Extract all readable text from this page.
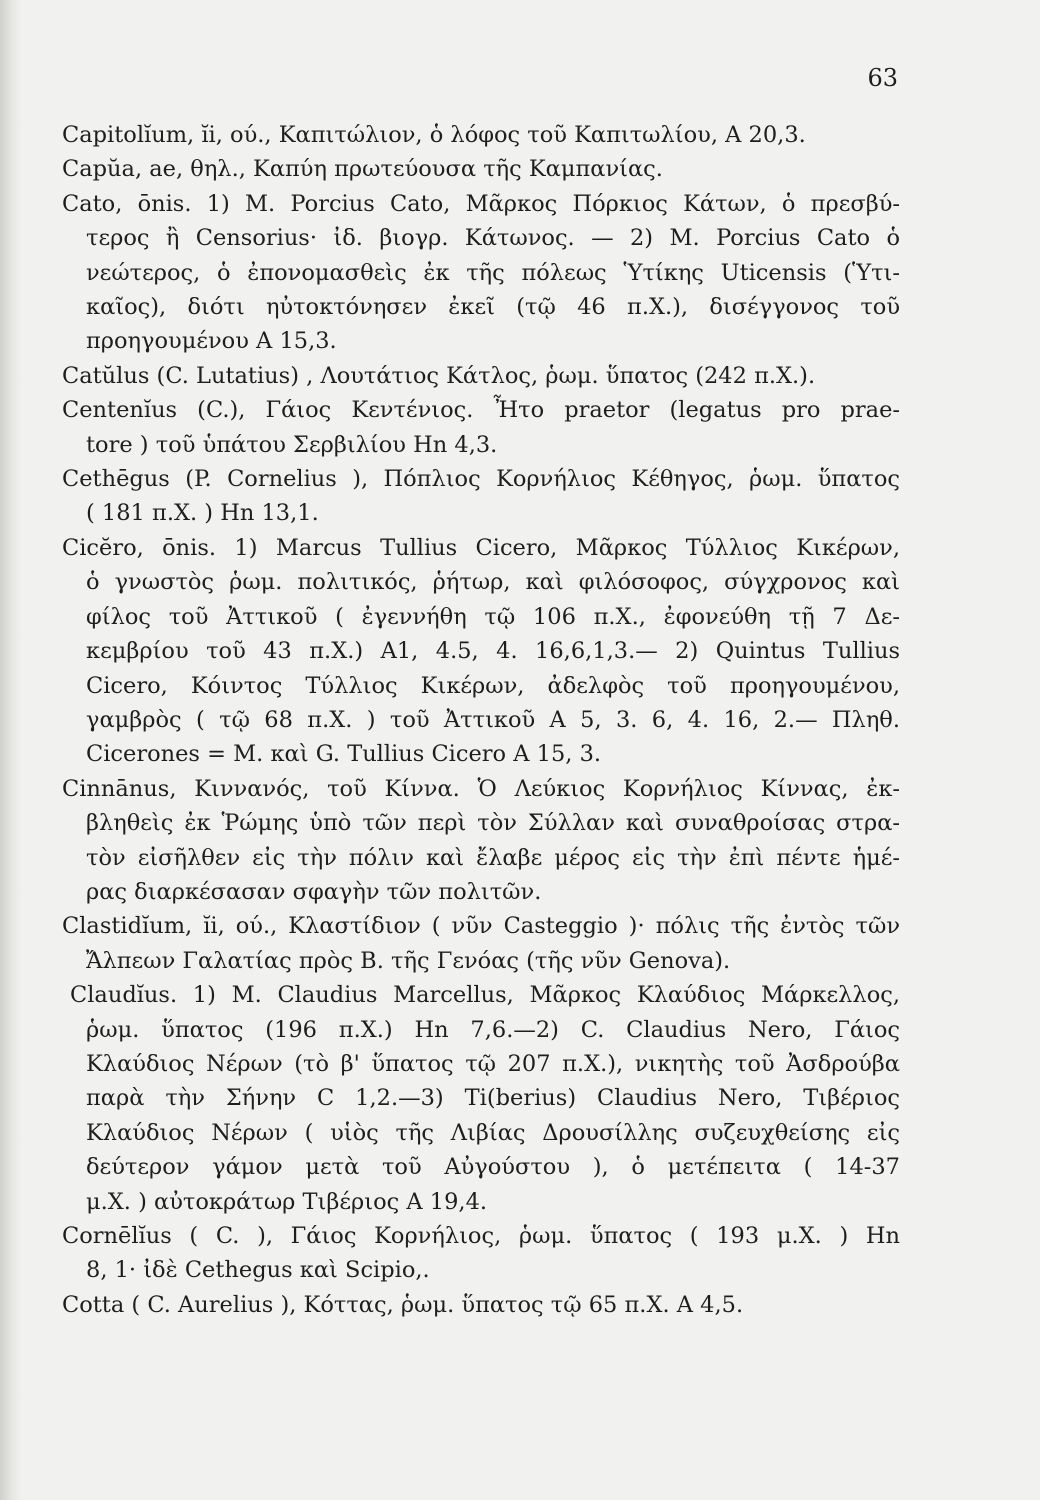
63
Capitolĭum, ĭi, ού., Καπιτώλιον, ὁ λόφος τοῦ Καπιτωλίου, Α 20,3.
Capŭa, ae, θηλ., Καπύη πρωτεύουσα τῆς Καμπανίας.
Cato, ōnis. 1) M. Porcius Cato, Μᾶρκος Πόρκιος Κάτων, ὁ πρεσβύ-
τερος ἢ Censorius· ἰδ. βιογρ. Κάτωνος. — 2) M. Porcius Cato ὁ
νεώτερος, ὁ ἐπονομασθεὶς ἐκ τῆς πόλεως Ὑτίκης Uticensis (Ὑτι-
καῖος), διότι ηὐτοκτόνησεν ἐκεῖ (τῷ 46 π.Χ.), δισέγγονος τοῦ
προηγουμένου Α 15,3.
Catŭlus (C. Lutatius) , Λουτάτιος Κάτλος, ῥωμ. ὕπατος (242 π.Χ.).
Centenĭus (C.), Γάιος Κεντένιος. Ἦτο praetor (legatus pro prae-
tore ) τοῦ ὑπάτου Σερβιλίου Ηn 4,3.
Cethēgus (P. Cornelius ), Πόπλιος Κορνήλιος Κέθηγος, ῥωμ. ὕπατος
( 181 π.Χ. ) Hn 13,1.
Cicĕro, ōnis. 1) Marcus Tullius Cicero, Μᾶρκος Τύλλιος Κικέρων,
ὁ γνωστὸς ῥωμ. πολιτικός, ῥήτωρ, καὶ φιλόσοφος, σύγχρονος καὶ
φίλος τοῦ Ἀττικοῦ ( ἐγεννήθη τῷ 106 π.Χ., ἐφονεύθη τῇ 7 Δε-
κεμβρίου τοῦ 43 π.Χ.) Α1, 4.5, 4. 16,6,1,3.— 2) Quintus Tullius
Cicero, Κόιντος Τύλλιος Κικέρων, ἀδελφὸς τοῦ προηγουμένου,
γαμβρὸς ( τῷ 68 π.Χ. ) τοῦ Ἀττικοῦ Α 5, 3. 6, 4. 16, 2.— Πληθ.
Cicerones = M. καὶ G. Tullius Cicero Α 15, 3.
Cinnānus, Κιννανός, τοῦ Κίννα. Ὁ Λεύκιος Κορνήλιος Κίννας, ἐκ-
βληθεὶς ἐκ Ῥώμης ὑπὸ τῶν περὶ τὸν Σύλλαν καὶ συναθροίσας στρα-
τὸν εἰσῆλθεν εἰς τὴν πόλιν καὶ ἔλαβε μέρος εἰς τὴν ἐπὶ πέντε ἡμέ-
ρας διαρκέσασαν σφαγὴν τῶν πολιτῶν.
Clastidĭum, ĭi, ού., Κλαστίδιον ( νῦν Casteggio )· πόλις τῆς ἐντὸς τῶν
Ἄλπεων Γαλατίας πρὸς Β. τῆς Γενόας (τῆς νῦν Genova).
Claudĭus. 1) M. Claudius Marcellus, Μᾶρκος Κλαύδιος Μάρκελλος,
ῥωμ. ὕπατος (196 π.Χ.) Hn 7,6.—2) C. Claudius Nero, Γάιος
Κλαύδιος Νέρων (τὸ β' ὕπατος τῷ 207 π.Χ.), νικητὴς τοῦ Ἀσδρούβα
παρὰ τὴν Σήνην C 1,2.—3) Ti(berius) Claudius Nero, Τιβέριος
Κλαύδιος Νέρων ( υἱὸς τῆς Λιβίας Δρουσίλλης συζευχθείσης εἰς
δεύτερον γάμον μετὰ τοῦ Αὐγούστου ), ὁ μετέπειτα ( 14-37
μ.Χ. ) αὐτοκράτωρ Τιβέριος Α 19,4.
Cornēlĭus ( C. ), Γάιος Κορνήλιος, ῥωμ. ὕπατος ( 193 μ.Χ. ) Hn
8, 1· ἰδὲ Cethegus καὶ Scipio,.
Cotta ( C. Aurelius ), Κόττας, ῥωμ. ὕπατος τῷ 65 π.Χ. Α 4,5.
